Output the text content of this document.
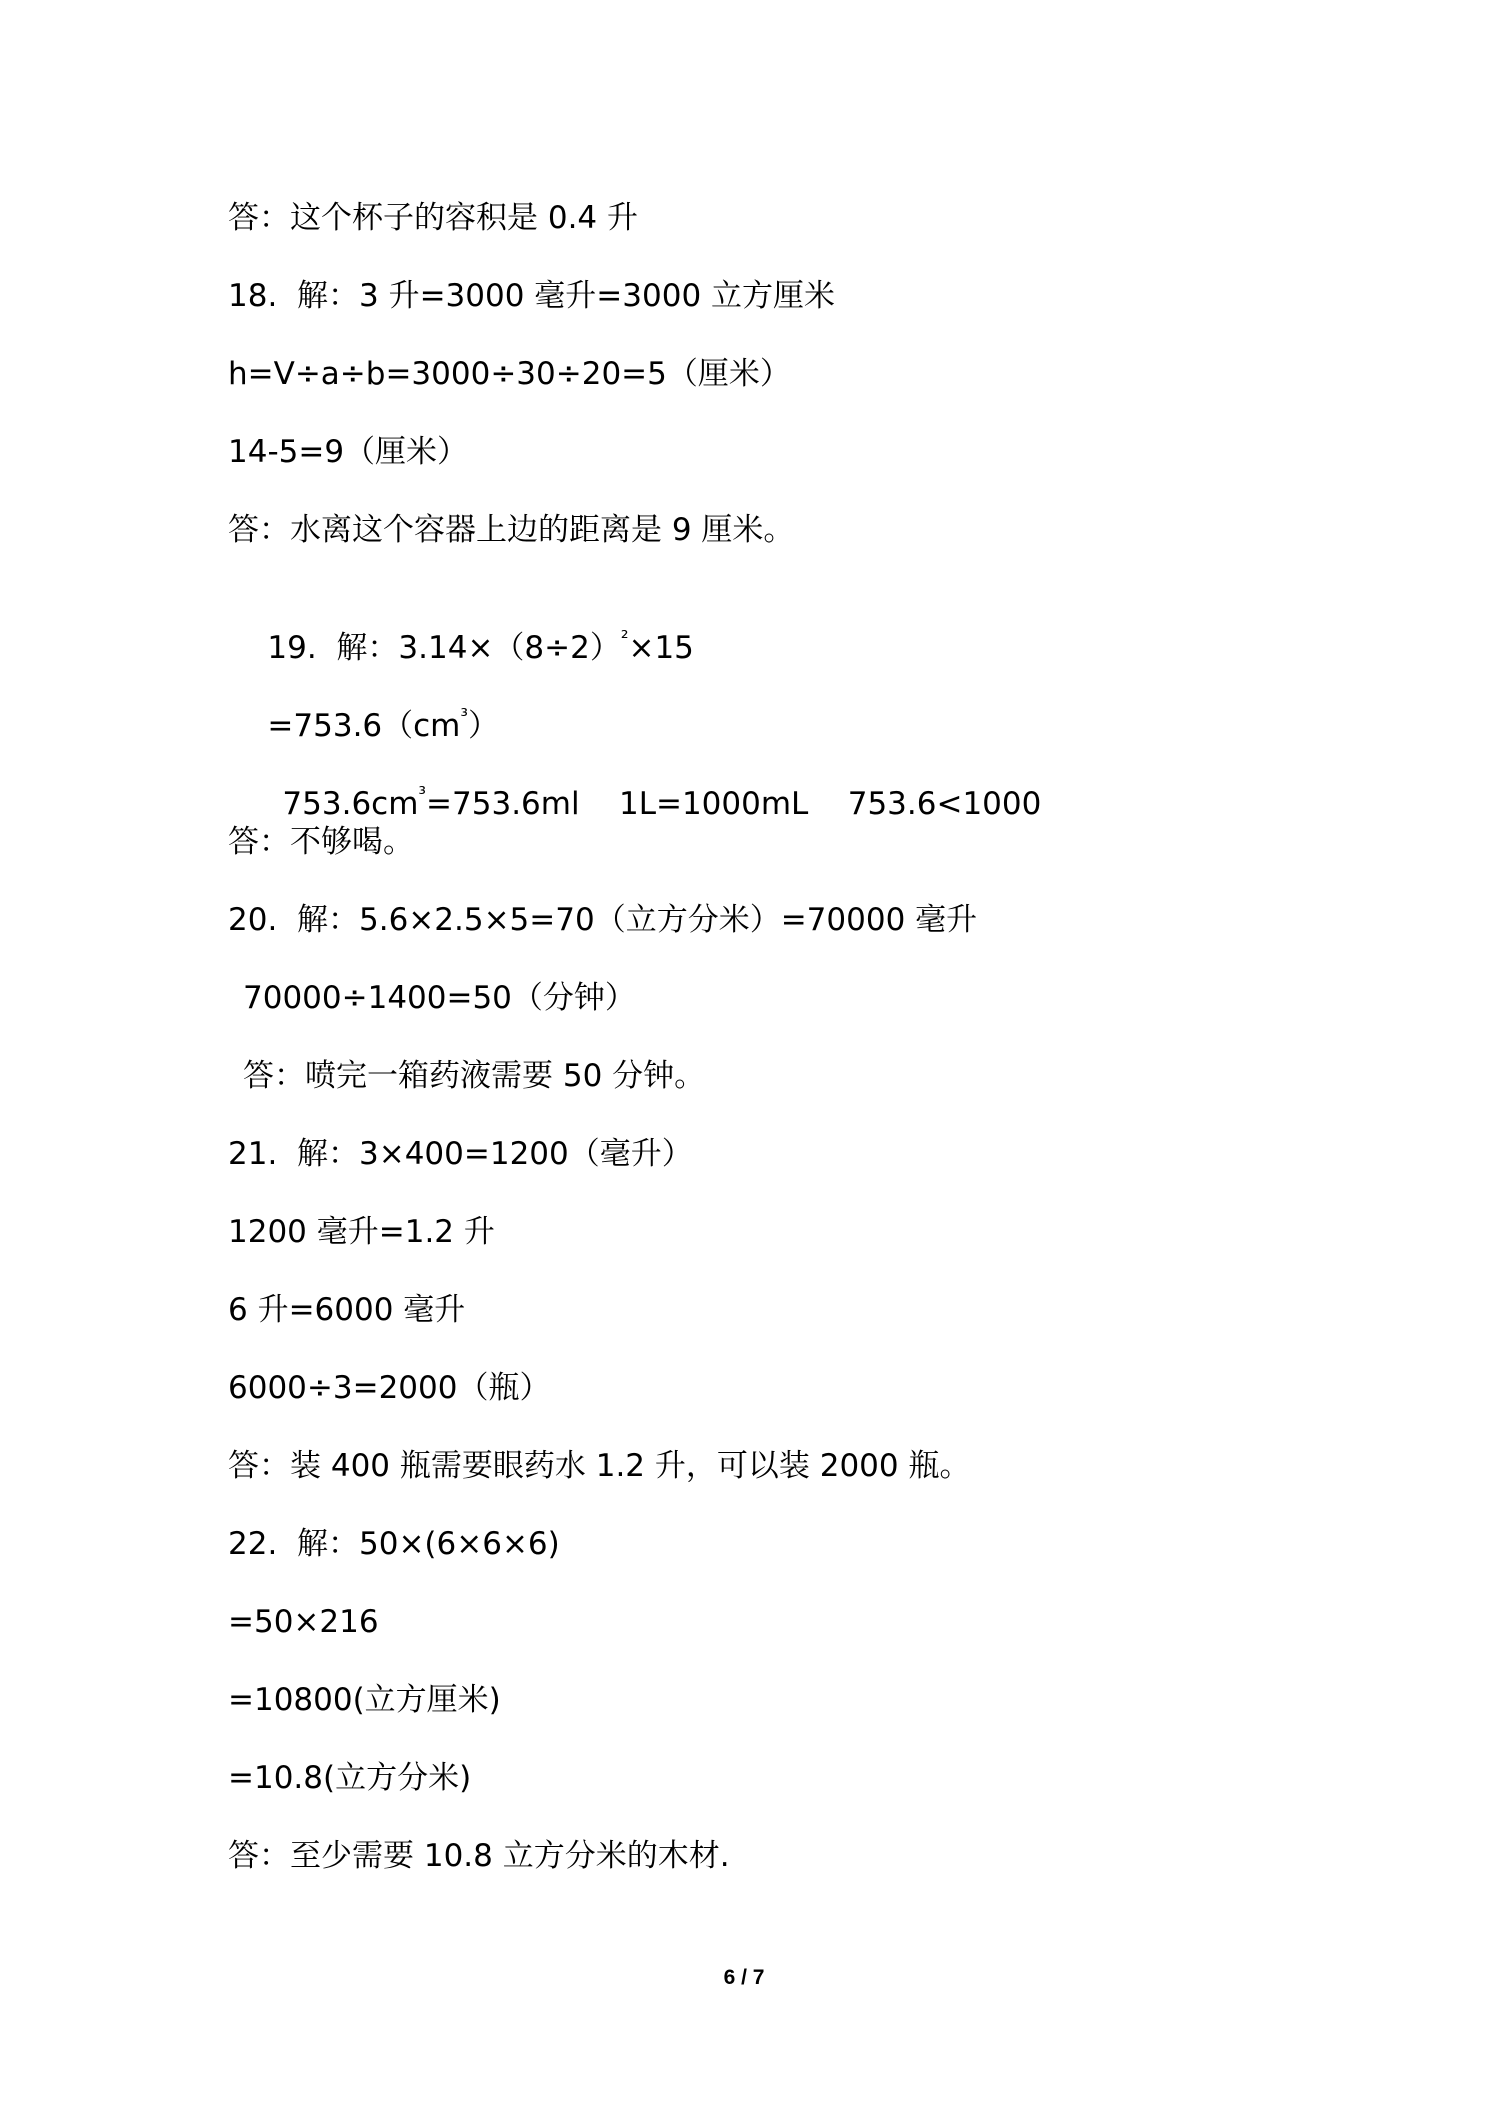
答：这个杯子的容积是 0.4 升
18.  解：3 升=3000 毫升=3000 立方厘米
h=V÷a÷b=3000÷30÷20=5（厘米）
14-5=9（厘米）
答：水离这个容器上边的距离是 9 厘米。

19.  解：$3.14\times(8\div 2)^{^2}\times 15$

$=753.6(cm^{^3})$

$753.6cm^{^3}=753.6ml$    1L=1000mL    753.6<1000

答：不够喝。
20.  解：5.6×2.5×5=70（立方分米）=70000 毫升
70000÷1400=50（分钟）
答：喷完一箱药液需要 50 分钟。
21.  解：3×400=1200（毫升）
1200 毫升=1.2 升
6 升=6000 毫升
6000÷3=2000（瓶）
答：装 400 瓶需要眼药水 1.2 升，可以装 2000 瓶。
22.  解：50×(6×6×6)
=50×216
=10800(立方厘米)
=10.8(立方分米)
答：至少需要 10.8 立方分米的木材.
6 / 7
